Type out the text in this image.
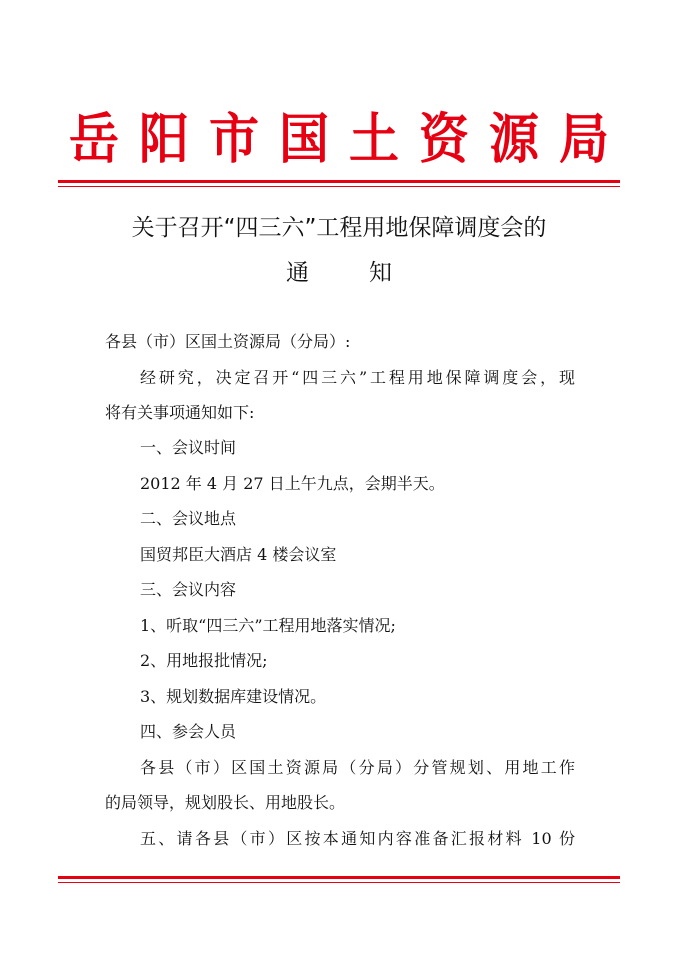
岳阳市国土资源局
关于召开“四三六”工程用地保障调度会的
通知
各县（市）区国土资源局（分局）:
经研究，决定召开“四三六”工程用地保障调度会，现
将有关事项通知如下:
一、会议时间
2012 年 4 月 27 日上午九点，会期半天。
二、会议地点
国贸邦臣大酒店 4 楼会议室
三、会议内容
1、听取“四三六”工程用地落实情况;
2、用地报批情况;
3、规划数据库建设情况。
四、参会人员
各县（市）区国土资源局（分局）分管规划、用地工作
的局领导，规划股长、用地股长。
五、请各县（市）区按本通知内容准备汇报材料 10 份
